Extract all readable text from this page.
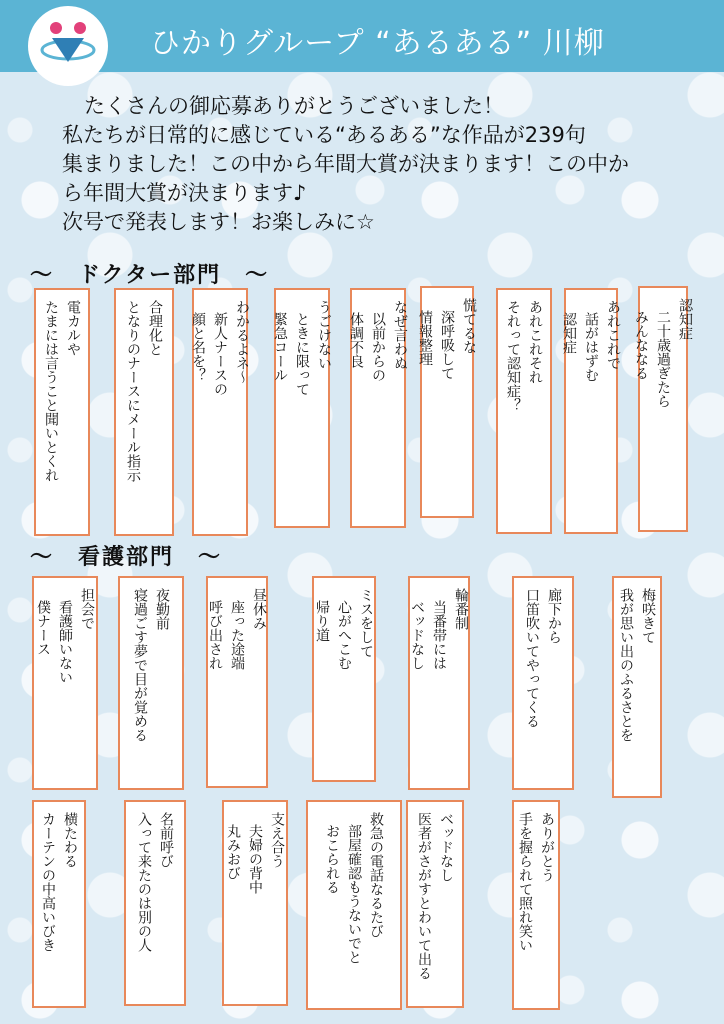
ひかりグループ “あるある” 川柳
たくさんの御応募ありがとうございました！
私たちが日常的に感じている“あるある”な作品が239句
集まりました！この中から年間大賞が決まります！この中か
ら年間大賞が決まります♪
次号で発表します！お楽しみに☆
～　ドクター部門　～
～　看護部門　～
電カルや
たまには言うこと聞いとくれ	合理化と
となりのナースにメール指示	わかるよネ～
新人ナースの
顔と名を？	うごけない
ときに限って
緊急コール	なぜ言わぬ
以前からの
体調不良	慌てるな
深呼吸して
情報整理	あれこれそれ
それって認知症？	あれこれで
話がはずむ
認知症	認知症
二十歳過ぎたら
みんななる
担会で
看護師いない
僕ナース	夜勤前
寝過ごす夢で目が覚める	昼休み
座った途端
呼び出され	ミスをして
心がへこむ
帰り道	輪番制
当番帯には
ベッドなし	廊下から
口笛吹いてやってくる	梅咲きて
我が思い出のふるさとを
横たわる
カーテンの中高いびき	名前呼び
入って来たのは別の人	支え合う
夫婦の背中
丸みおび	救急の電話なるたび
部屋確認もうないでと
おこられる	ベッドなし
医者がさがすとわいて出る	ありがとう
手を握られて照れ笑い
